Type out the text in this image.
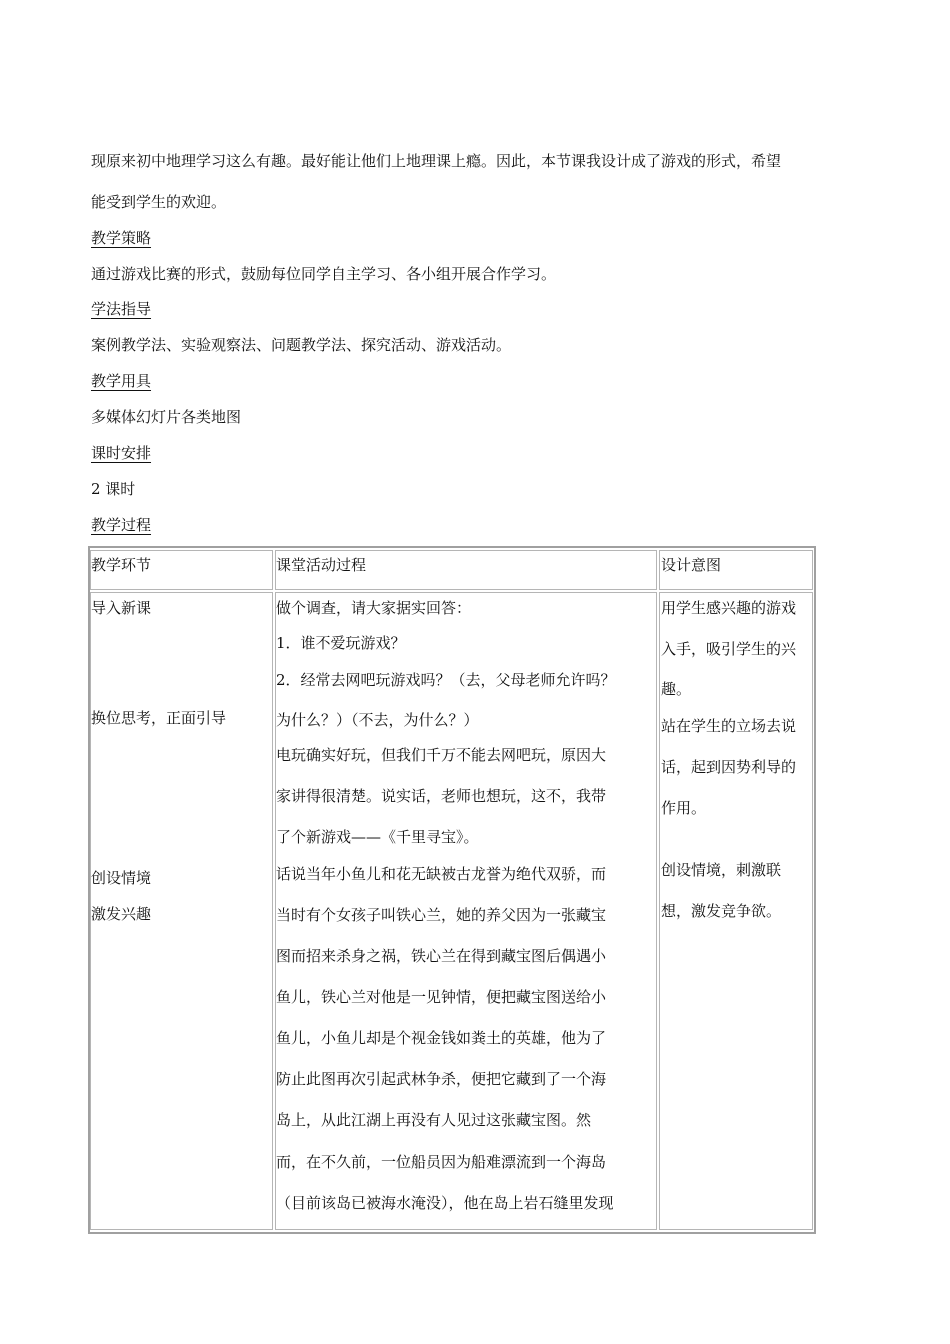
现原来初中地理学习这么有趣。最好能让他们上地理课上瘾。因此，本节课我设计成了游戏的形式，希望
能受到学生的欢迎。
教学策略
通过游戏比赛的形式，鼓励每位同学自主学习、各小组开展合作学习。
学法指导
案例教学法、实验观察法、问题教学法、探究活动、游戏活动。
教学用具
多媒体幻灯片各类地图
课时安排
2 课时
教学过程
教学环节	课堂活动过程	设计意图
导入新课
换位思考，正面引导
创设情境
激发兴趣
做个调查，请大家据实回答：
1．谁不爱玩游戏？
2．经常去网吧玩游戏吗？（去，父母老师允许吗？
为什么？）（不去，为什么？）
电玩确实好玩，但我们千万不能去网吧玩，原因大
家讲得很清楚。说实话，老师也想玩，这不，我带
了个新游戏——《千里寻宝》。
话说当年小鱼儿和花无缺被古龙誉为绝代双骄，而
当时有个女孩子叫铁心兰，她的养父因为一张藏宝
图而招来杀身之祸，铁心兰在得到藏宝图后偶遇小
鱼儿，铁心兰对他是一见钟情，便把藏宝图送给小
鱼儿，小鱼儿却是个视金钱如粪土的英雄，他为了
防止此图再次引起武林争杀，便把它藏到了一个海
岛上，从此江湖上再没有人见过这张藏宝图。然
而，在不久前，一位船员因为船难漂流到一个海岛
（目前该岛已被海水淹没），他在岛上岩石缝里发现
用学生感兴趣的游戏
入手，吸引学生的兴
趣。
站在学生的立场去说
话，起到因势利导的
作用。
创设情境，刺激联
想，激发竞争欲。
